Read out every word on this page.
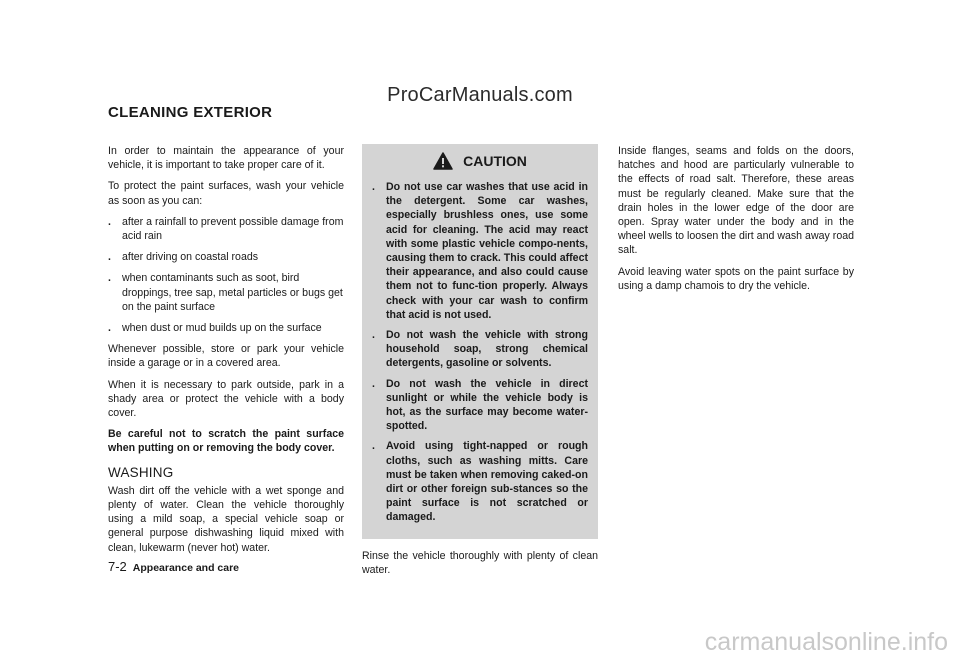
ProCarManuals.com
CLEANING EXTERIOR

In order to maintain the appearance of your vehicle, it is important to take proper care of it.

To protect the paint surfaces, wash your vehicle as soon as you can:

.	after a rainfall to prevent possible damage from acid rain
.	after driving on coastal roads
.	when contaminants such as soot, bird droppings, tree sap, metal particles or bugs get on the paint surface
.	when dust or mud builds up on the surface

Whenever possible, store or park your vehicle inside a garage or in a covered area.

When it is necessary to park outside, park in a shady area or protect the vehicle with a body cover.

Be careful not to scratch the paint surface when putting on or removing the body cover.

WASHING

Wash dirt off the vehicle with a wet sponge and plenty of water. Clean the vehicle thoroughly using a mild soap, a special vehicle soap or general purpose dishwashing liquid mixed with clean, lukewarm (never hot) water.

CAUTION
.	Do not use car washes that use acid in the detergent. Some car washes, especially brushless ones, use some acid for cleaning. The acid may react with some plastic vehicle compo-nents, causing them to crack. This could affect their appearance, and also could cause them not to func-tion properly. Always check with your car wash to confirm that acid is not used.
.	Do not wash the vehicle with strong household soap, strong chemical detergents, gasoline or solvents.
.	Do not wash the vehicle in direct sunlight or while the vehicle body is hot, as the surface may become water-spotted.
.	Avoid using tight-napped or rough cloths, such as washing mitts. Care must be taken when removing caked-on dirt or other foreign sub-stances so the paint surface is not scratched or damaged.

Rinse the vehicle thoroughly with plenty of clean water.

Inside flanges, seams and folds on the doors, hatches and hood are particularly vulnerable to the effects of road salt. Therefore, these areas must be regularly cleaned. Make sure that the drain holes in the lower edge of the door are open. Spray water under the body and in the wheel wells to loosen the dirt and wash away road salt.

Avoid leaving water spots on the paint surface by using a damp chamois to dry the vehicle.

7-2 Appearance and care
carmanualsonline.info
